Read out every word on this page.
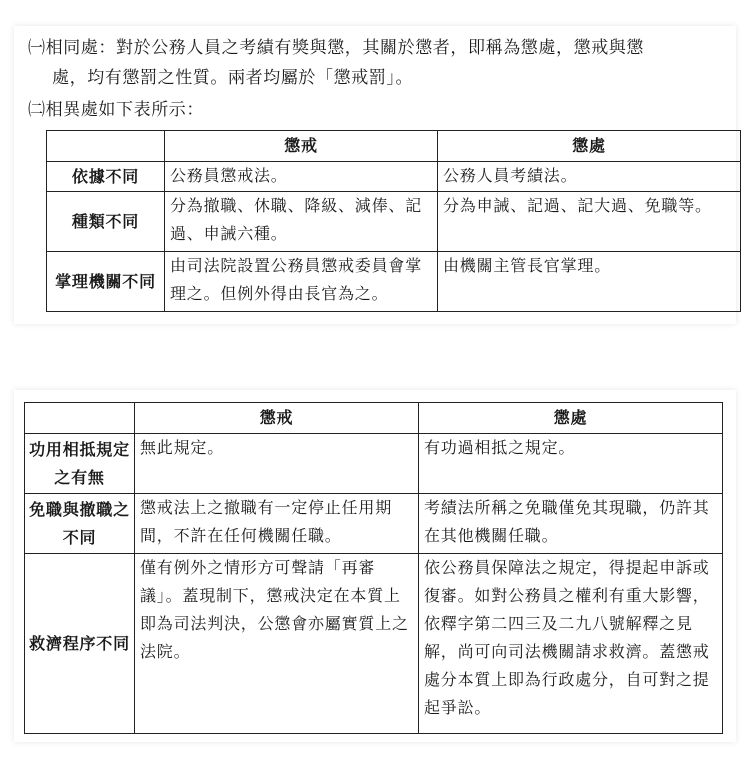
㈠相同處：對於公務人員之考績有獎與懲，其關於懲者，即稱為懲處，懲戒與懲
處，均有懲罰之性質。兩者均屬於「懲戒罰」。
㈡相異處如下表所示：
	懲戒	懲處
依據不同	公務員懲戒法。	公務人員考績法。
種類不同	分為撤職、休職、降級、減俸、記過、申誡六種。	分為申誡、記過、記大過、免職等。
掌理機關不同	由司法院設置公務員懲戒委員會掌理之。但例外得由長官為之。	由機關主管長官掌理。
	懲戒	懲處
功用相抵規定之有無	無此規定。	有功過相抵之規定。
免職與撤職之不同	懲戒法上之撤職有一定停止任用期間，不許在任何機關任職。	考績法所稱之免職僅免其現職，仍許其在其他機關任職。
救濟程序不同	僅有例外之情形方可聲請「再審議」。蓋現制下，懲戒決定在本質上即為司法判決，公懲會亦屬實質上之法院。	依公務員保障法之規定，得提起申訴或復審。如對公務員之權利有重大影響，依釋字第二四三及二九八號解釋之見解，尚可向司法機關請求救濟。蓋懲戒處分本質上即為行政處分，自可對之提起爭訟。
